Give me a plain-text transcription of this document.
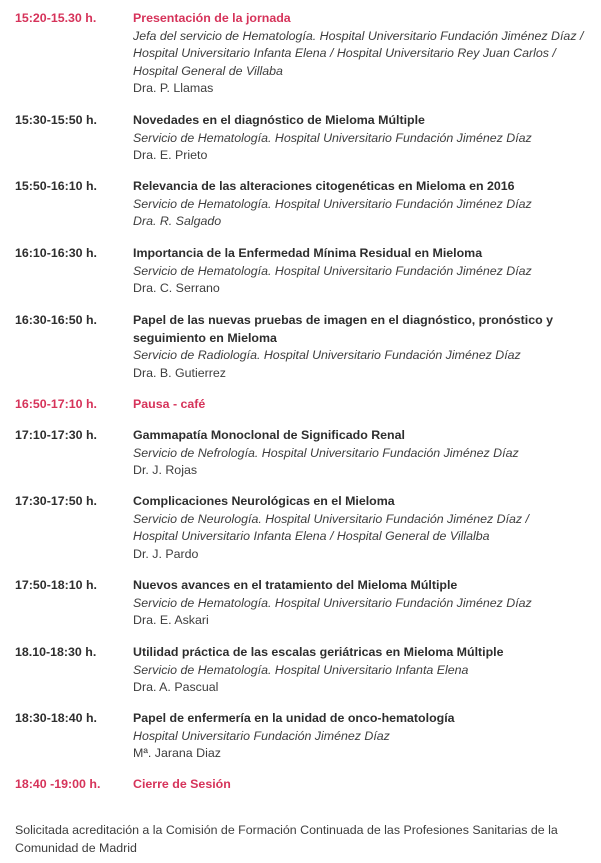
15:20-15.30 h.	Presentación de la jornada
Jefa del servicio de Hematología. Hospital Universitario Fundación Jiménez Díaz /
Hospital Universitario Infanta Elena / Hospital Universitario Rey Juan Carlos /
Hospital General de Villaba
Dra. P. Llamas
15:30-15:50 h.	Novedades en el diagnóstico de Mieloma Múltiple
Servicio de Hematología. Hospital Universitario Fundación Jiménez Díaz
Dra. E. Prieto
15:50-16:10 h.	Relevancia de las alteraciones citogenéticas en Mieloma en 2016
Servicio de Hematología. Hospital Universitario Fundación Jiménez Díaz
Dra. R. Salgado
16:10-16:30 h.	Importancia de la Enfermedad Mínima Residual en Mieloma
Servicio de Hematología. Hospital Universitario Fundación Jiménez Díaz
Dra. C. Serrano
16:30-16:50 h.	Papel de las nuevas pruebas de imagen en el diagnóstico, pronóstico y
seguimiento en Mieloma
Servicio de Radiología. Hospital Universitario Fundación Jiménez Díaz
Dra. B. Gutierrez
16:50-17:10 h.	Pausa - café
17:10-17:30 h.	Gammapatía Monoclonal de Significado Renal
Servicio de Nefrología. Hospital Universitario Fundación Jiménez Díaz
Dr. J. Rojas
17:30-17:50 h.	Complicaciones Neurológicas en el Mieloma
Servicio de Neurología. Hospital Universitario Fundación Jiménez Díaz /
Hospital Universitario Infanta Elena / Hospital General de Villalba
Dr. J. Pardo
17:50-18:10 h.	Nuevos avances en el tratamiento del Mieloma Múltiple
Servicio de Hematología. Hospital Universitario Fundación Jiménez Díaz
Dra. E. Askari
18.10-18:30 h.	Utilidad práctica de las escalas geriátricas en Mieloma Múltiple
Servicio de Hematología. Hospital Universitario Infanta Elena
Dra. A. Pascual
18:30-18:40 h.	Papel de enfermería en la unidad de onco-hematología
Hospital Universitario Fundación Jiménez Díaz
Mª. Jarana Diaz
18:40 -19:00 h.	Cierre de Sesión
Solicitada acreditación a la Comisión de Formación Continuada de las Profesiones Sanitarias de la
Comunidad de Madrid
